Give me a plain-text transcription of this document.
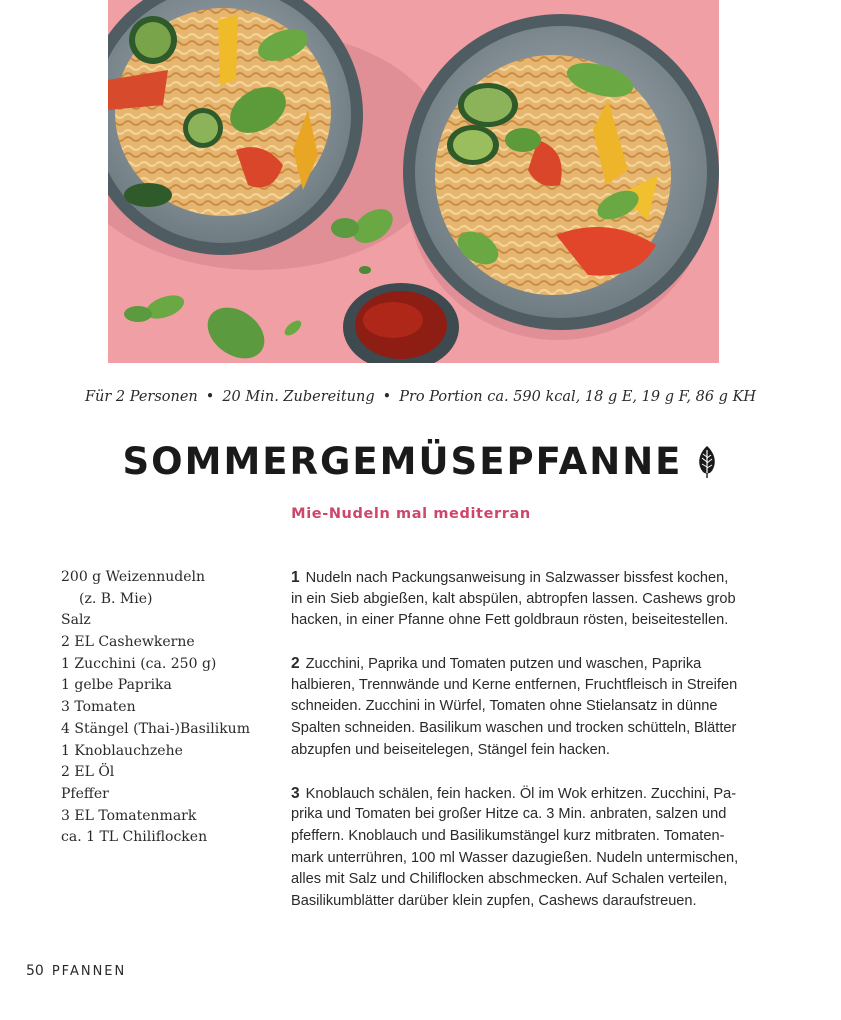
Für 2 Personen • 20 Min. Zubereitung • Pro Portion ca. 590 kcal, 18 g E, 19 g F, 86 g KH
SOMMERGEMÜSEPFANNE
Mie-Nudeln mal mediterran
200 g Weizennudeln
(z. B. Mie)
Salz
2 EL Cashewkerne
1 Zucchini (ca. 250 g)
1 gelbe Paprika
3 Tomaten
4 Stängel (Thai-)Basilikum
1 Knoblauchzehe
2 EL Öl
Pfeffer
3 EL Tomatenmark
ca. 1 TL Chiliflocken
1 Nudeln nach Packungsanweisung in Salzwasser bissfest kochen,
in ein Sieb abgießen, kalt abspülen, abtropfen lassen. Cashews grob
hacken, in einer Pfanne ohne Fett goldbraun rösten, beiseitestellen.
2 Zucchini, Paprika und Tomaten putzen und waschen, Paprika
halbieren, Trennwände und Kerne entfernen, Fruchtfleisch in Streifen
schneiden. Zucchini in Würfel, Tomaten ohne Stielansatz in dünne
Spalten schneiden. Basilikum waschen und trocken schütteln, Blätter
abzupfen und beiseitelegen, Stängel fein hacken.
3 Knoblauch schälen, fein hacken. Öl im Wok erhitzen. Zucchini, Pa-
prika und Tomaten bei großer Hitze ca. 3 Min. anbraten, salzen und
pfeffern. Knoblauch und Basilikumstängel kurz mitbraten. Tomaten-
mark unterrühren, 100 ml Wasser dazugießen. Nudeln untermischen,
alles mit Salz und Chiliflocken abschmecken. Auf Schalen verteilen,
Basilikumblätter darüber klein zupfen, Cashews daraufstreuen.
50 PFANNEN
